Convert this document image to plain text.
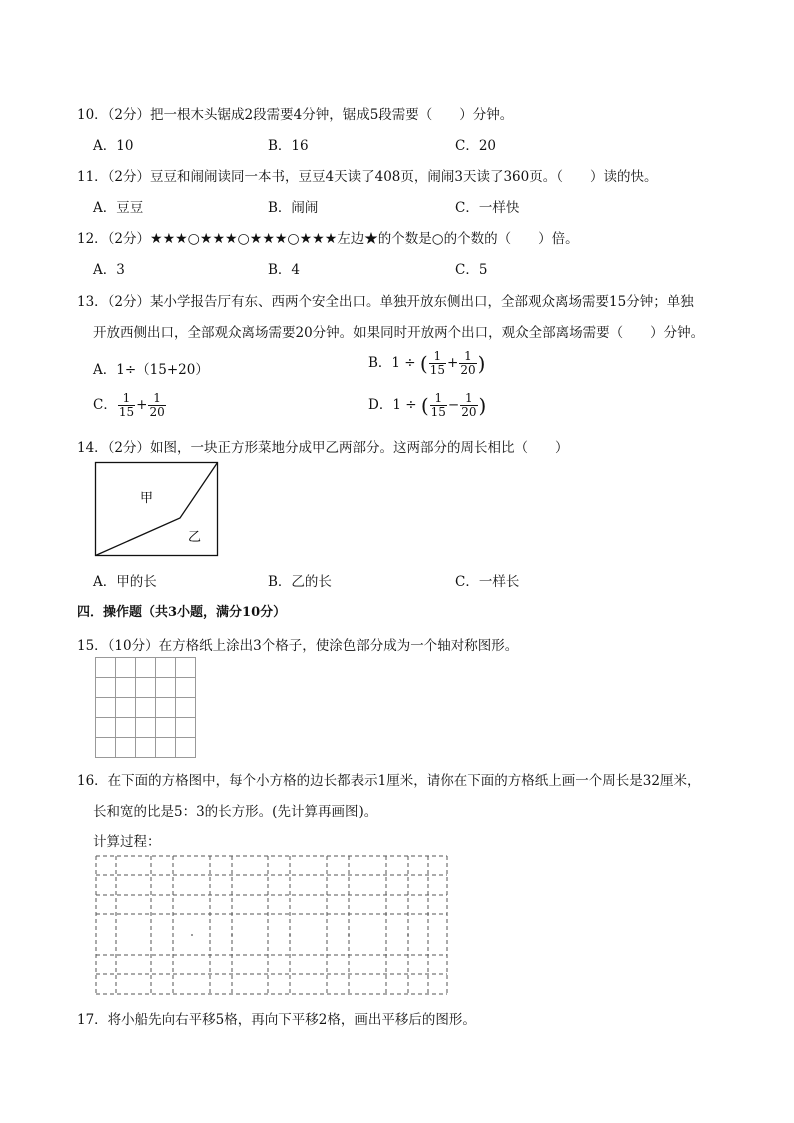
10．（2分）把一根木头锯成2段需要4分钟，锯成5段需要（　　）分钟。
A．10	B．16	C．20
11．（2分）豆豆和闹闹读同一本书，豆豆4天读了408页，闹闹3天读了360页。（　　）读的快。
A．豆豆	B．闹闹	C．一样快
12．（2分）★★★○★★★○★★★○★★★左边★的个数是○的个数的（　　）倍。
A．3	B．4	C．5
13．（2分）某小学报告厅有东、西两个安全出口。单独开放东侧出口，全部观众离场需要15分钟；单独
开放西侧出口，全部观众离场需要20分钟。如果同时开放两个出口，观众全部离场需要（　　）分钟。
A．1÷（15+20）	B．1 ÷ ( $\frac{1}{15} + \frac{1}{20}$ )
C． $\frac{1}{15} + \frac{1}{20}$	D．1 ÷ ( $\frac{1}{15} - \frac{1}{20}$ )
14．（2分）如图，一块正方形菜地分成甲乙两部分。这两部分的周长相比（　　）
甲
乙
A．甲的长	B．乙的长	C．一样长
四．操作题（共3小题，满分10分）
15．（10分）在方格纸上涂出3个格子，使涂色部分成为一个轴对称图形。
16．在下面的方格图中，每个小方格的边长都表示1厘米，请你在下面的方格纸上画一个周长是32厘米，
长和宽的比是5：3的长方形。(先计算再画图)。
计算过程：
17．将小船先向右平移5格，再向下平移2格，画出平移后的图形。
